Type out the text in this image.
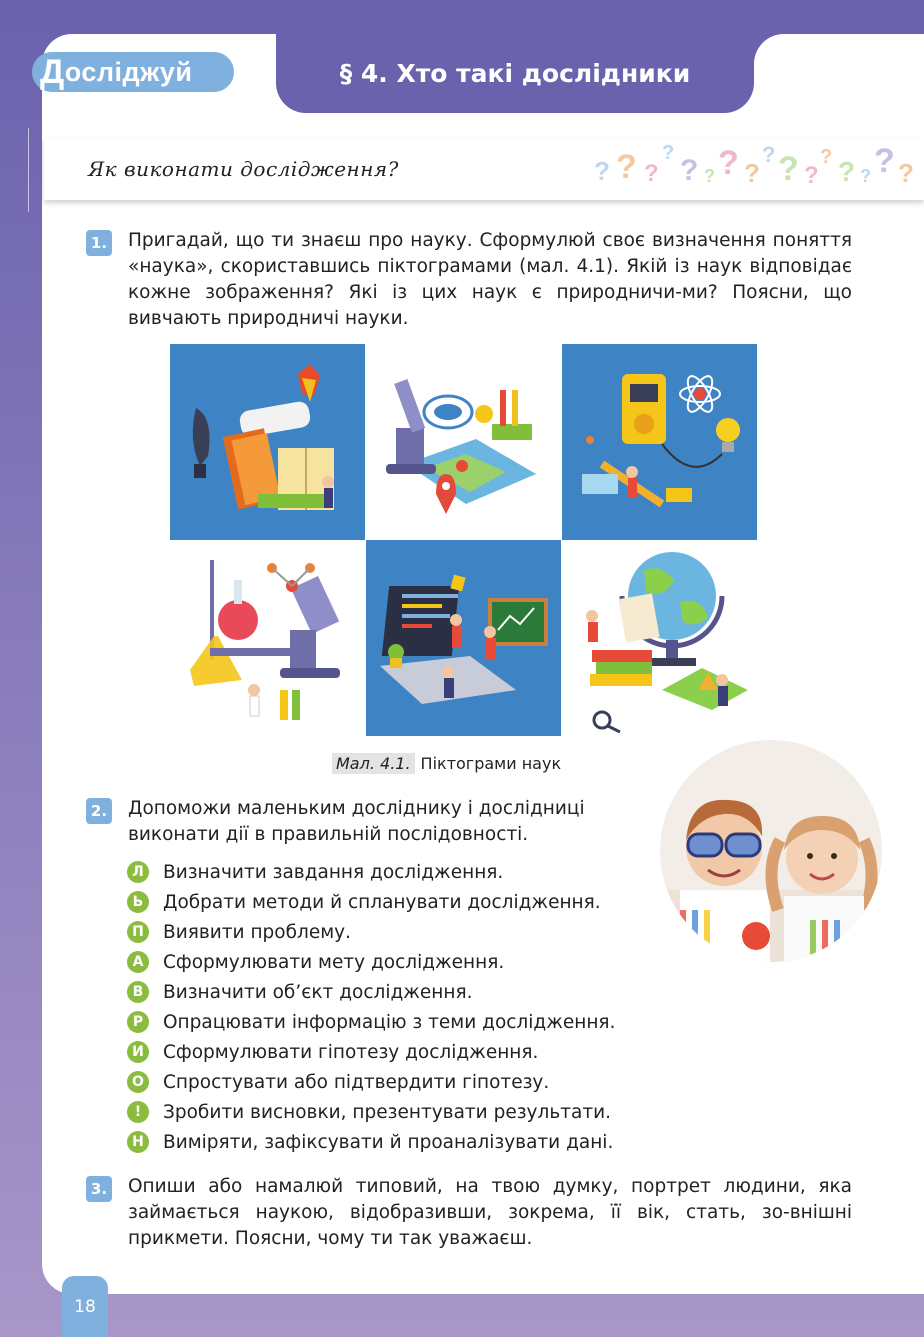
Д осліджуй	§ 4. Хто такі дослідники
Як виконати дослідження?	? ? ?
?
? ? ? ?
? ? ?
? ? ? ? ?
1. Пригадай, що ти знаєш про науку. Сформулюй своє визначення поняття «наука», скориставшись піктограмами (мал. 4.1). Якій із наук відповідає кожне зображення? Які із цих наук є природничи-ми? Поясни, що вивчають природничі науки.

Мал. 4.1. Піктограми наук
2. Допоможи маленьким досліднику і дослідниці виконати дії в правильній послідовності.

Л Визначити завдання дослідження.
Ь	Добрати методи й спланувати дослідження.
П Виявити проблему.
А	Сформулювати мету дослідження.
В	Визначити об’єкт дослідження.
Р	Опрацювати інформацію з теми дослідження.
И Сформулювати гіпотезу дослідження.
О Спростувати або підтвердити гіпотезу.
!	Зробити висновки, презентувати результати.
Н Виміряти, зафіксувати й проаналізувати дані.
3. Опиши або намалюй типовий, на твою думку, портрет людини, яка займається наукою, відобразивши, зокрема, її вік, стать, зо-внішні прикмети. Поясни, чому ти так уважаєш.

18
